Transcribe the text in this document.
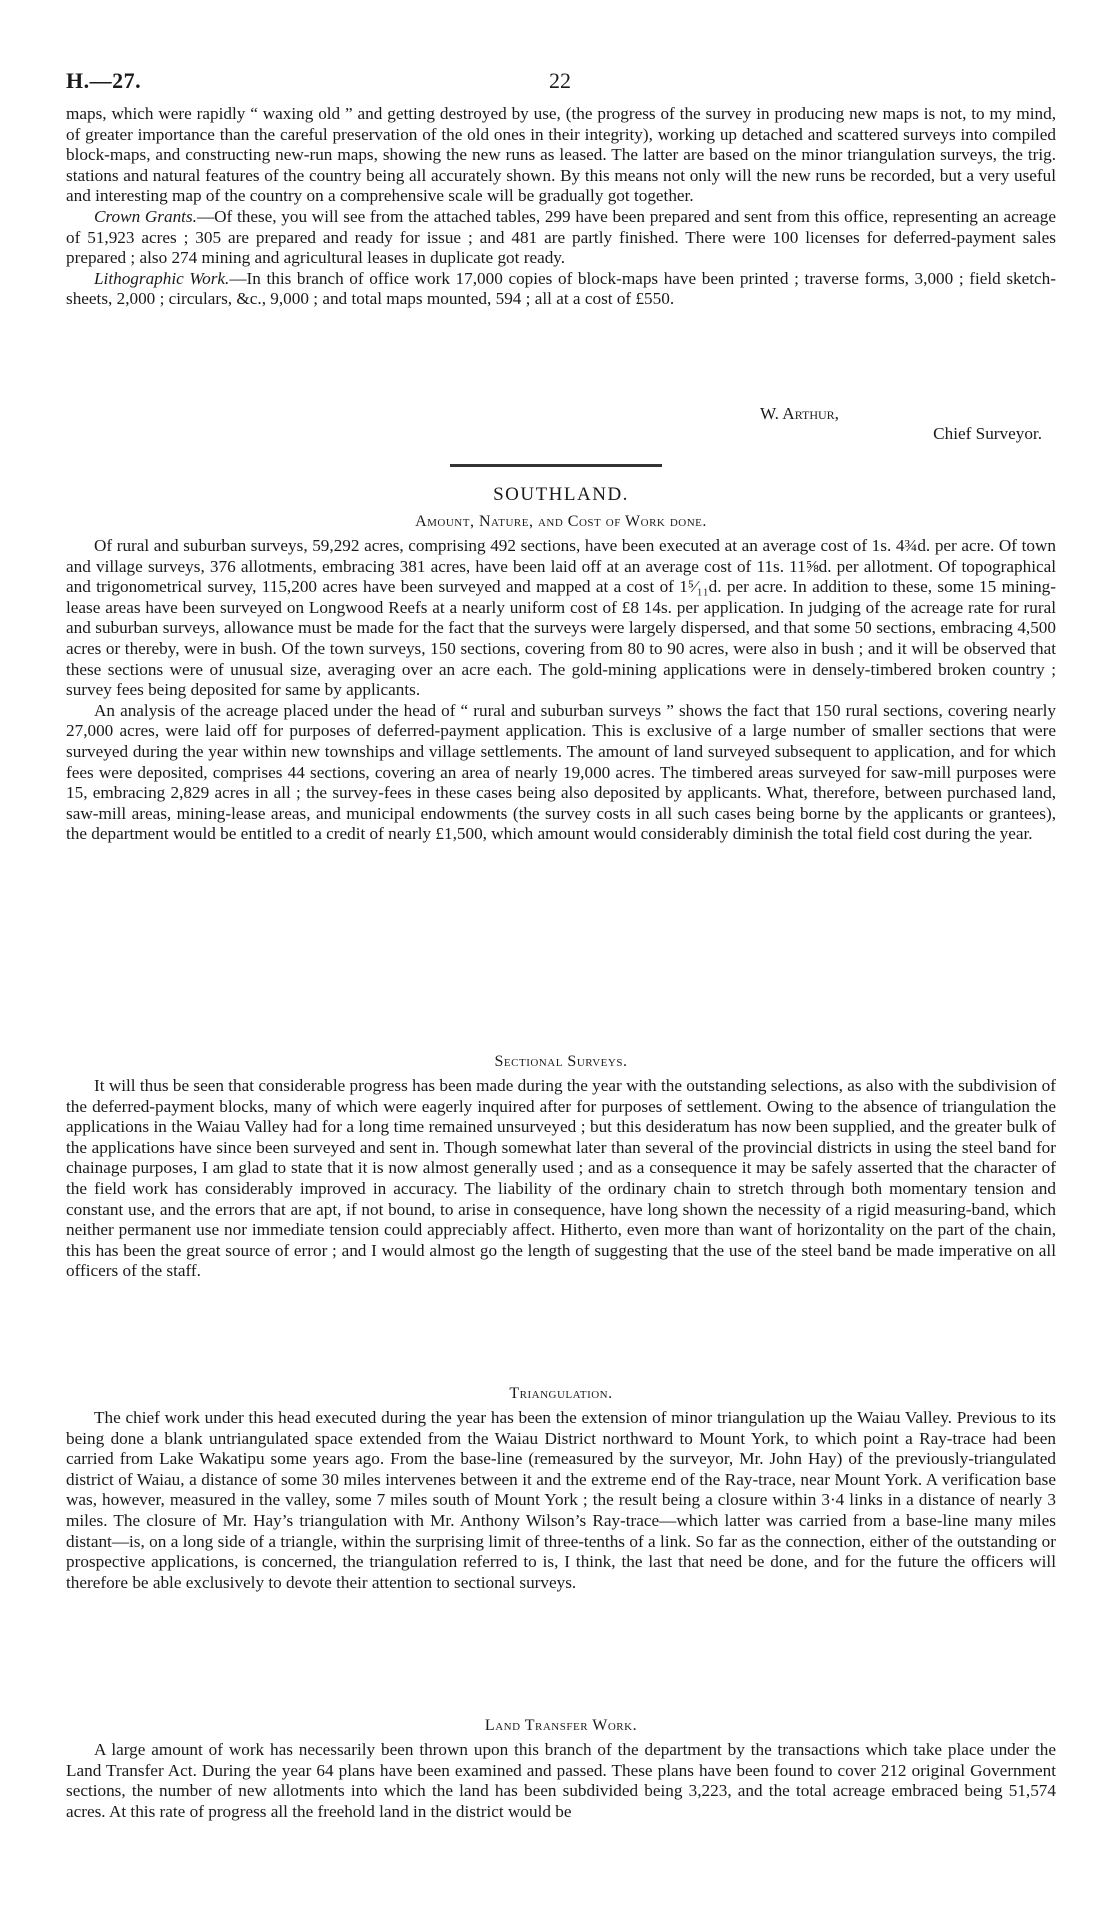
H.—27.	22

maps, which were rapidly “ waxing old ” and getting destroyed by use, (the progress of the survey in producing new maps is not, to my mind, of greater importance than the careful preservation of the old ones in their integrity), working up detached and scattered surveys into compiled block-maps, and constructing new-run maps, showing the new runs as leased. The latter are based on the minor triangulation surveys, the trig. stations and natural features of the country being all accurately shown. By this means not only will the new runs be recorded, but a very useful and interesting map of the country on a comprehensive scale will be gradually got together.

Crown Grants.—Of these, you will see from the attached tables, 299 have been prepared and sent from this office, representing an acreage of 51,923 acres ; 305 are prepared and ready for issue ; and 481 are partly finished. There were 100 licenses for deferred-payment sales prepared ; also 274 mining and agricultural leases in duplicate got ready.

Lithographic Work.—In this branch of office work 17,000 copies of block-maps have been printed ; traverse forms, 3,000 ; field sketch-sheets, 2,000 ; circulars, &c., 9,000 ; and total maps mounted, 594 ; all at a cost of £550.

Chief Surveyor.
W. Arthur,
SOUTHLAND.
Amount, Nature, and Cost of Work done.

Of rural and suburban surveys, 59,292 acres, comprising 492 sections, have been executed at an average cost of 1s. 4¾d. per acre. Of town and village surveys, 376 allotments, embracing 381 acres, have been laid off at an average cost of 11s. 11⅝d. per allotment. Of topographical and trigonometrical survey, 115,200 acres have been surveyed and mapped at a cost of 1⁵⁄₁₁d. per acre. In addition to these, some 15 mining-lease areas have been surveyed on Longwood Reefs at a nearly uniform cost of £8 14s. per application. In judging of the acreage rate for rural and suburban surveys, allowance must be made for the fact that the surveys were largely dispersed, and that some 50 sections, embracing 4,500 acres or thereby, were in bush. Of the town surveys, 150 sections, covering from 80 to 90 acres, were also in bush ; and it will be observed that these sections were of unusual size, averaging over an acre each. The gold-mining applications were in densely-timbered broken country ; survey fees being deposited for same by applicants.

An analysis of the acreage placed under the head of “ rural and suburban surveys ” shows the fact that 150 rural sections, covering nearly 27,000 acres, were laid off for purposes of deferred-payment application. This is exclusive of a large number of smaller sections that were surveyed during the year within new townships and village settlements. The amount of land surveyed subsequent to application, and for which fees were deposited, comprises 44 sections, covering an area of nearly 19,000 acres. The timbered areas surveyed for saw-mill purposes were 15, embracing 2,829 acres in all ; the survey-fees in these cases being also deposited by applicants. What, therefore, between purchased land, saw-mill areas, mining-lease areas, and municipal endowments (the survey costs in all such cases being borne by the applicants or grantees), the department would be entitled to a credit of nearly £1,500, which amount would considerably diminish the total field cost during the year.

Sectional Surveys.

It will thus be seen that considerable progress has been made during the year with the outstanding selections, as also with the subdivision of the deferred-payment blocks, many of which were eagerly inquired after for purposes of settlement. Owing to the absence of triangulation the applications in the Waiau Valley had for a long time remained unsurveyed ; but this desideratum has now been supplied, and the greater bulk of the applications have since been surveyed and sent in. Though somewhat later than several of the provincial districts in using the steel band for chainage purposes, I am glad to state that it is now almost generally used ; and as a consequence it may be safely asserted that the character of the field work has considerably improved in accuracy. The liability of the ordinary chain to stretch through both momentary tension and constant use, and the errors that are apt, if not bound, to arise in consequence, have long shown the necessity of a rigid measuring-band, which neither permanent use nor immediate tension could appreciably affect. Hitherto, even more than want of horizontality on the part of the chain, this has been the great source of error ; and I would almost go the length of suggesting that the use of the steel band be made imperative on all officers of the staff.

Triangulation.

The chief work under this head executed during the year has been the extension of minor triangulation up the Waiau Valley. Previous to its being done a blank untriangulated space extended from the Waiau District northward to Mount York, to which point a Ray-trace had been carried from Lake Wakatipu some years ago. From the base-line (remeasured by the surveyor, Mr. John Hay) of the previously-triangulated district of Waiau, a distance of some 30 miles intervenes between it and the extreme end of the Ray-trace, near Mount York. A verification base was, however, measured in the valley, some 7 miles south of Mount York ; the result being a closure within 3·4 links in a distance of nearly 3 miles. The closure of Mr. Hay’s triangulation with Mr. Anthony Wilson’s Ray-trace—which latter was carried from a base-line many miles distant—is, on a long side of a triangle, within the surprising limit of three-tenths of a link. So far as the connection, either of the outstanding or prospective applications, is concerned, the triangulation referred to is, I think, the last that need be done, and for the future the officers will therefore be able exclusively to devote their attention to sectional surveys.

Land Transfer Work.

A large amount of work has necessarily been thrown upon this branch of the department by the transactions which take place under the Land Transfer Act. During the year 64 plans have been examined and passed. These plans have been found to cover 212 original Government sections, the number of new allotments into which the land has been subdivided being 3,223, and the total acreage embraced being 51,574 acres. At this rate of progress all the freehold land in the district would be
